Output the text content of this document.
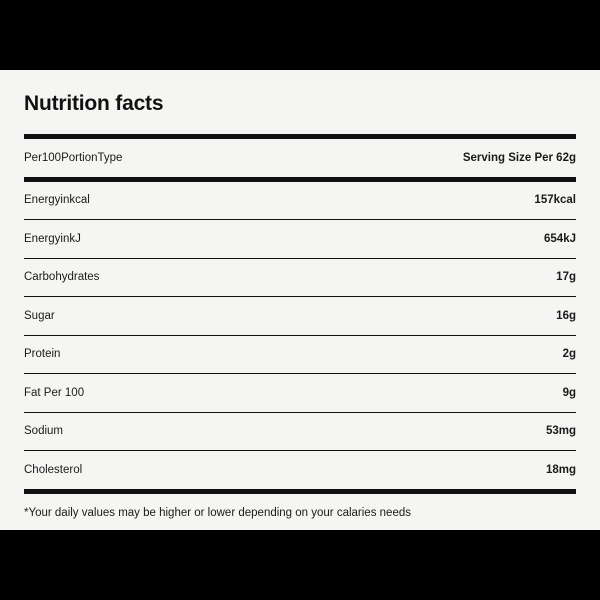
Nutrition facts
Per100PortionType	Serving Size Per 62g
Energyinkcal	157kcal
EnergyinkJ	654kJ
Carbohydrates	17g
Sugar	16g
Protein	2g
Fat Per 100	9g
Sodium	53mg
Cholesterol	18mg
*Your daily values may be higher or lower depending on your calaries needs
